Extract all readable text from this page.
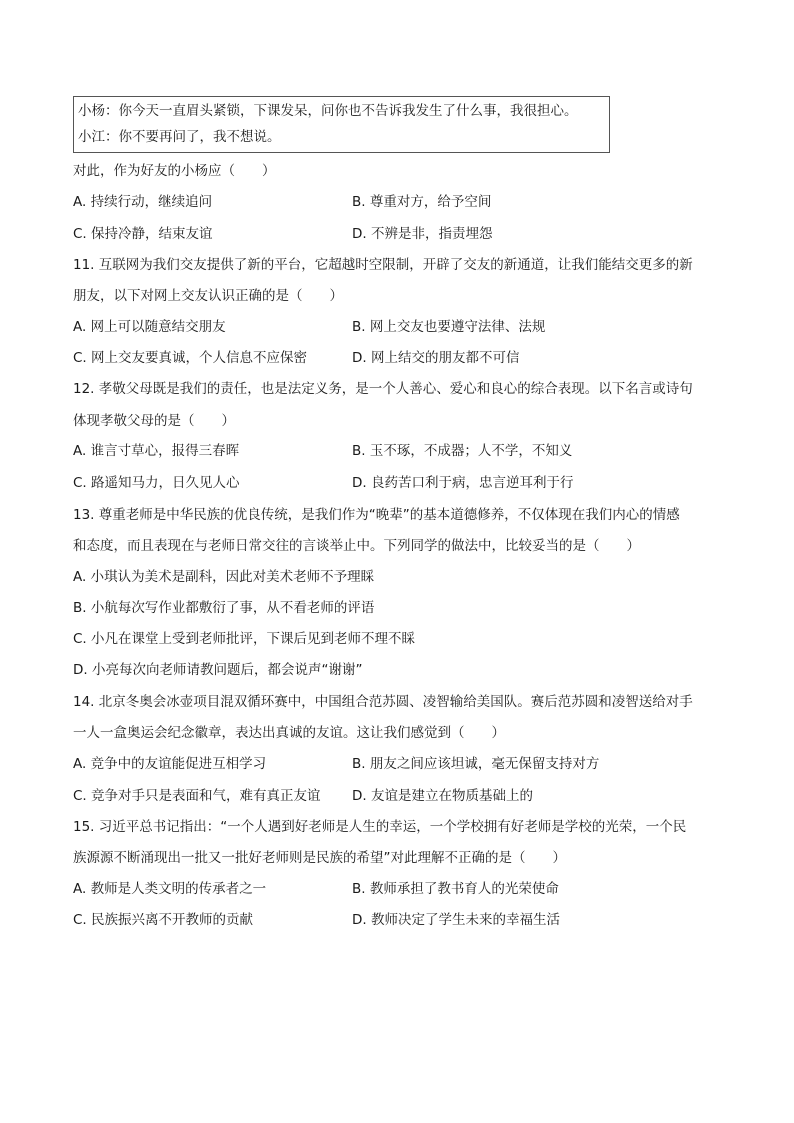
小杨：你今天一直眉头紧锁，下课发呆，问你也不告诉我发生了什么事，我很担心。
小江：你不要再问了，我不想说。
对此，作为好友的小杨应（　　）
A. 持续行动，继续追问	B. 尊重对方，给予空间
C. 保持冷静，结束友谊	D. 不辨是非，指责埋怨
11. 互联网为我们交友提供了新的平台，它超越时空限制，开辟了交友的新通道，让我们能结交更多的新
朋友，以下对网上交友认识正确的是（　　）
A. 网上可以随意结交朋友	B. 网上交友也要遵守法律、法规
C. 网上交友要真诚，个人信息不应保密	D. 网上结交的朋友都不可信
12. 孝敬父母既是我们的责任，也是法定义务，是一个人善心、爱心和良心的综合表现。以下名言或诗句
体现孝敬父母的是（　　）
A. 谁言寸草心，报得三春晖	B. 玉不琢，不成器；人不学，不知义
C. 路遥知马力，日久见人心	D. 良药苦口利于病，忠言逆耳利于行
13. 尊重老师是中华民族的优良传统，是我们作为“晚辈”的基本道德修养，不仅体现在我们内心的情感
和态度，而且表现在与老师日常交往的言谈举止中。下列同学的做法中，比较妥当的是（　　）
A. 小琪认为美术是副科，因此对美术老师不予理睬
B. 小航每次写作业都敷衍了事，从不看老师的评语
C. 小凡在课堂上受到老师批评，下课后见到老师不理不睬
D. 小亮每次向老师请教问题后，都会说声“谢谢”
14. 北京冬奥会冰壶项目混双循环赛中，中国组合范苏圆、凌智输给美国队。赛后范苏圆和凌智送给对手
一人一盒奥运会纪念徽章，表达出真诚的友谊。这让我们感觉到（　　）
A. 竞争中的友谊能促进互相学习	B. 朋友之间应该坦诚，毫无保留支持对方
C. 竞争对手只是表面和气，难有真正友谊 D. 友谊是建立在物质基础上的
15. 习近平总书记指出：“一个人遇到好老师是人生的幸运，一个学校拥有好老师是学校的光荣，一个民
族源源不断涌现出一批又一批好老师则是民族的希望”对此理解不正确的是（　　）
A. 教师是人类文明的传承者之一	B. 教师承担了教书育人的光荣使命
C. 民族振兴离不开教师的贡献	D. 教师决定了学生未来的幸福生活
